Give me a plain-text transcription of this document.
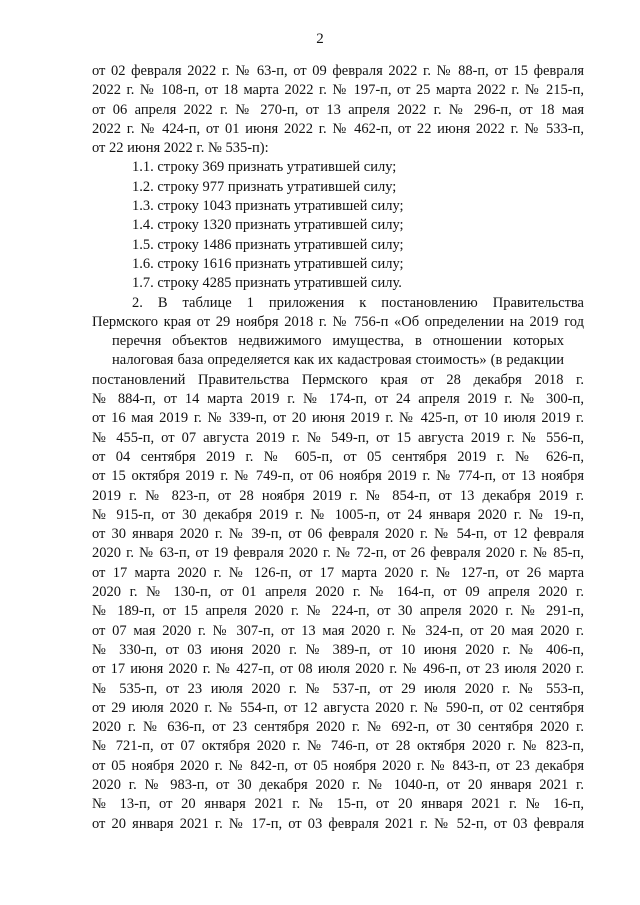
2
от 02 февраля 2022 г. № 63-п, от 09 февраля 2022 г. № 88-п, от 15 февраля
2022 г. № 108-п, от 18 марта 2022 г. № 197-п, от 25 марта 2022 г. № 215-п,
от 06 апреля 2022 г. № 270-п, от 13 апреля 2022 г. № 296-п, от 18 мая
2022 г. № 424-п, от 01 июня 2022 г. № 462-п, от 22 июня 2022 г. № 533-п,
от 22 июня 2022 г. № 535-п):
1.1. строку 369 признать утратившей силу;
1.2. строку 977 признать утратившей силу;
1.3. строку 1043 признать утратившей силу;
1.4. строку 1320 признать утратившей силу;
1.5. строку 1486 признать утратившей силу;
1.6. строку 1616 признать утратившей силу;
1.7. строку 4285 признать утратившей силу.
2. В таблице 1 приложения к постановлению Правительства
Пермского края от 29 ноября 2018 г. № 756-п «Об определении на 2019 год
перечня объектов недвижимого имущества, в отношении которых
налоговая база определяется как их кадастровая стоимость» (в редакции
постановлений Правительства Пермского края от 28 декабря 2018 г.
№ 884-п, от 14 марта 2019 г. № 174-п, от 24 апреля 2019 г. № 300-п,
от 16 мая 2019 г. № 339-п, от 20 июня 2019 г. № 425-п, от 10 июля 2019 г.
№ 455-п, от 07 августа 2019 г. № 549-п, от 15 августа 2019 г. № 556-п,
от 04 сентября 2019 г. № 605-п, от 05 сентября 2019 г. № 626-п,
от 15 октября 2019 г. № 749-п, от 06 ноября 2019 г. № 774-п, от 13 ноября
2019 г. № 823-п, от 28 ноября 2019 г. № 854-п, от 13 декабря 2019 г.
№ 915-п, от 30 декабря 2019 г. № 1005-п, от 24 января 2020 г. № 19-п,
от 30 января 2020 г. № 39-п, от 06 февраля 2020 г. № 54-п, от 12 февраля
2020 г. № 63-п, от 19 февраля 2020 г. № 72-п, от 26 февраля 2020 г. № 85-п,
от 17 марта 2020 г. № 126-п, от 17 марта 2020 г. № 127-п, от 26 марта
2020 г. № 130-п, от 01 апреля 2020 г. № 164-п, от 09 апреля 2020 г.
№ 189-п, от 15 апреля 2020 г. № 224-п, от 30 апреля 2020 г. № 291-п,
от 07 мая 2020 г. № 307-п, от 13 мая 2020 г. № 324-п, от 20 мая 2020 г.
№ 330-п, от 03 июня 2020 г. № 389-п, от 10 июня 2020 г. № 406-п,
от 17 июня 2020 г. № 427-п, от 08 июля 2020 г. № 496-п, от 23 июля 2020 г.
№ 535-п, от 23 июля 2020 г. № 537-п, от 29 июля 2020 г. № 553-п,
от 29 июля 2020 г. № 554-п, от 12 августа 2020 г. № 590-п, от 02 сентября
2020 г. № 636-п, от 23 сентября 2020 г. № 692-п, от 30 сентября 2020 г.
№ 721-п, от 07 октября 2020 г. № 746-п, от 28 октября 2020 г. № 823-п,
от 05 ноября 2020 г. № 842-п, от 05 ноября 2020 г. № 843-п, от 23 декабря
2020 г. № 983-п, от 30 декабря 2020 г. № 1040-п, от 20 января 2021 г.
№ 13-п, от 20 января 2021 г. № 15-п, от 20 января 2021 г. № 16-п,
от 20 января 2021 г. № 17-п, от 03 февраля 2021 г. № 52-п, от 03 февраля
